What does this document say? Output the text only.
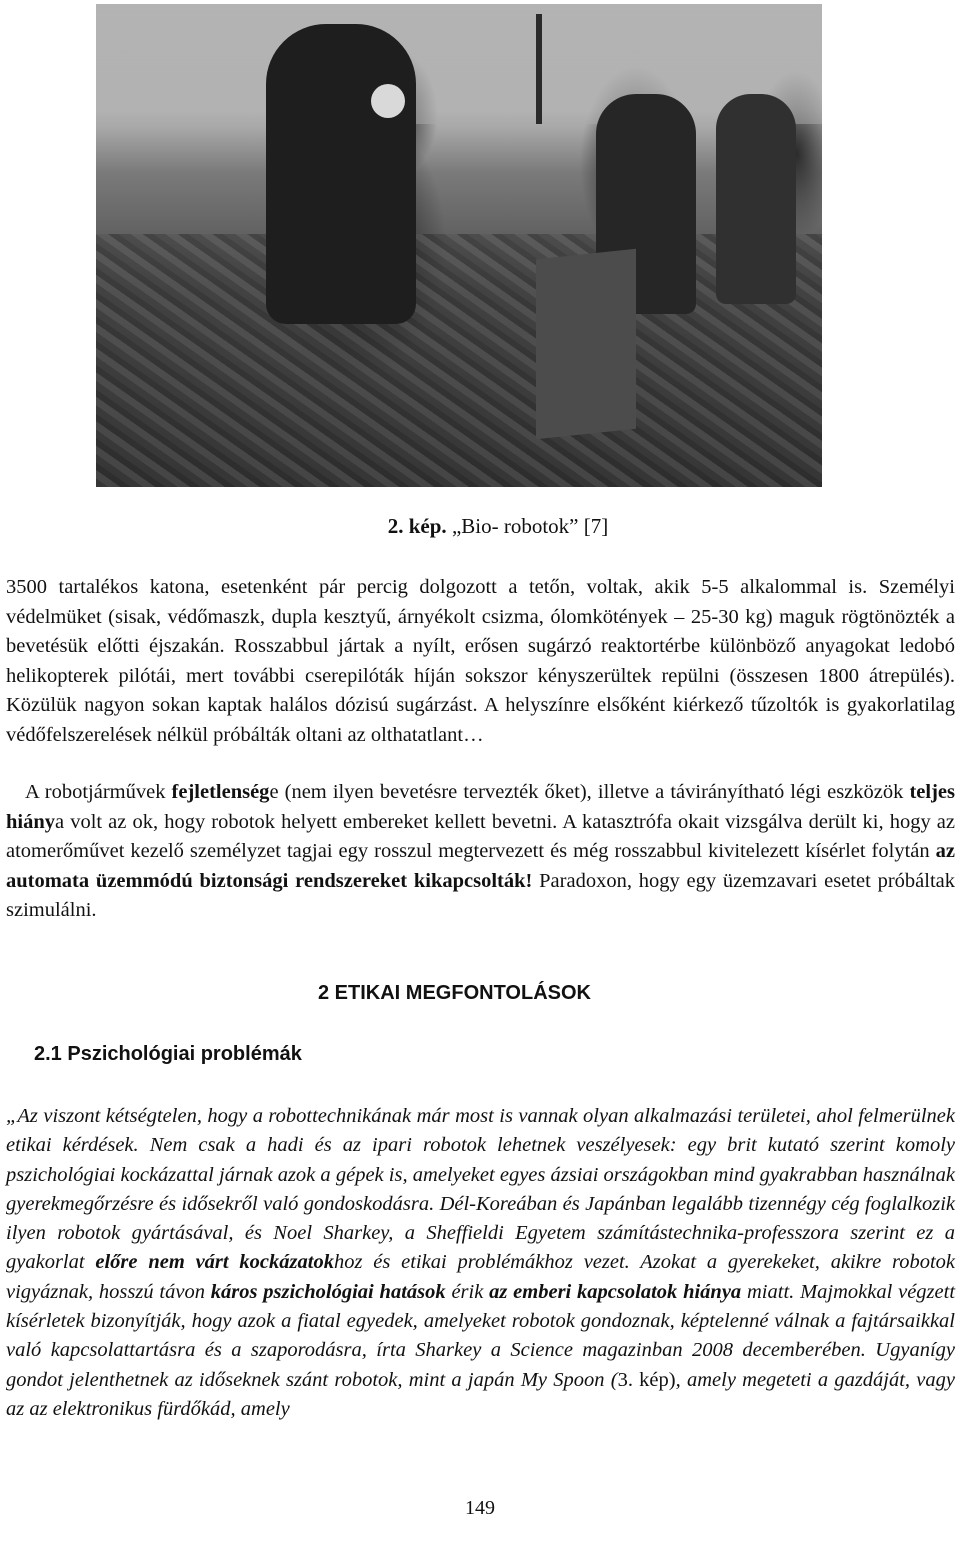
2. kép. „Bio- robotok” [7]

3500 tartalékos katona, esetenként pár percig dolgozott a tetőn, voltak, akik 5-5 alkalommal is. Személyi védelmüket (sisak, védőmaszk, dupla kesztyű, árnyékolt csizma, ólomkötények – 25-30 kg) maguk rögtönözték a bevetésük előtti éjszakán. Rosszabbul jártak a nyílt, erősen sugárzó reaktortérbe különböző anyagokat ledobó helikopterek pilótái, mert további cserepilóták híján sokszor kényszerültek repülni (összesen 1800 átrepülés). Közülük nagyon sokan kaptak halálos dózisú sugárzást. A helyszínre elsőként kiérkező tűzoltók is gyakorlatilag védőfelszerelések nélkül próbálták oltani az olthatatlant…

A robotjárművek fejletlensége (nem ilyen bevetésre tervezték őket), illetve a távirányítható légi eszközök teljes hiánya volt az ok, hogy robotok helyett embereket kellett bevetni. A katasztrófa okait vizsgálva derült ki, hogy az atomerőművet kezelő személyzet tagjai egy rosszul megtervezett és még rosszabbul kivitelezett kísérlet folytán az automata üzemmódú biztonsági rendszereket kikapcsolták! Paradoxon, hogy egy üzemzavari esetet próbáltak szimulálni.

2 ETIKAI MEGFONTOLÁSOK
2.1 Pszichológiai problémák

„Az viszont kétségtelen, hogy a robottechnikának már most is vannak olyan alkalmazási területei, ahol felmerülnek etikai kérdések. Nem csak a hadi és az ipari robotok lehetnek veszélyesek: egy brit kutató szerint komoly pszichológiai kockázattal járnak azok a gépek is, amelyeket egyes ázsiai országokban mind gyakrabban használnak gyerekmegőrzésre és idősekről való gondoskodásra. Dél-Koreában és Japánban legalább tizennégy cég foglalkozik ilyen robotok gyártásával, és Noel Sharkey, a Sheffieldi Egyetem számítástechnika-professzora szerint ez a gyakorlat előre nem várt kockázatokhoz és etikai problémákhoz vezet. Azokat a gyerekeket, akikre robotok vigyáznak, hosszú távon káros pszichológiai hatások érik az emberi kapcsolatok hiánya miatt. Majmokkal végzett kísérletek bizonyítják, hogy azok a fiatal egyedek, amelyeket robotok gondoznak, képtelenné válnak a fajtársaikkal való kapcsolattartásra és a szaporodásra, írta Sharkey a Science magazinban 2008 decemberében. Ugyanígy gondot jelenthetnek az időseknek szánt robotok, mint a japán My Spoon (3. kép), amely megeteti a gazdáját, vagy az az elektronikus fürdőkád, amely

149
